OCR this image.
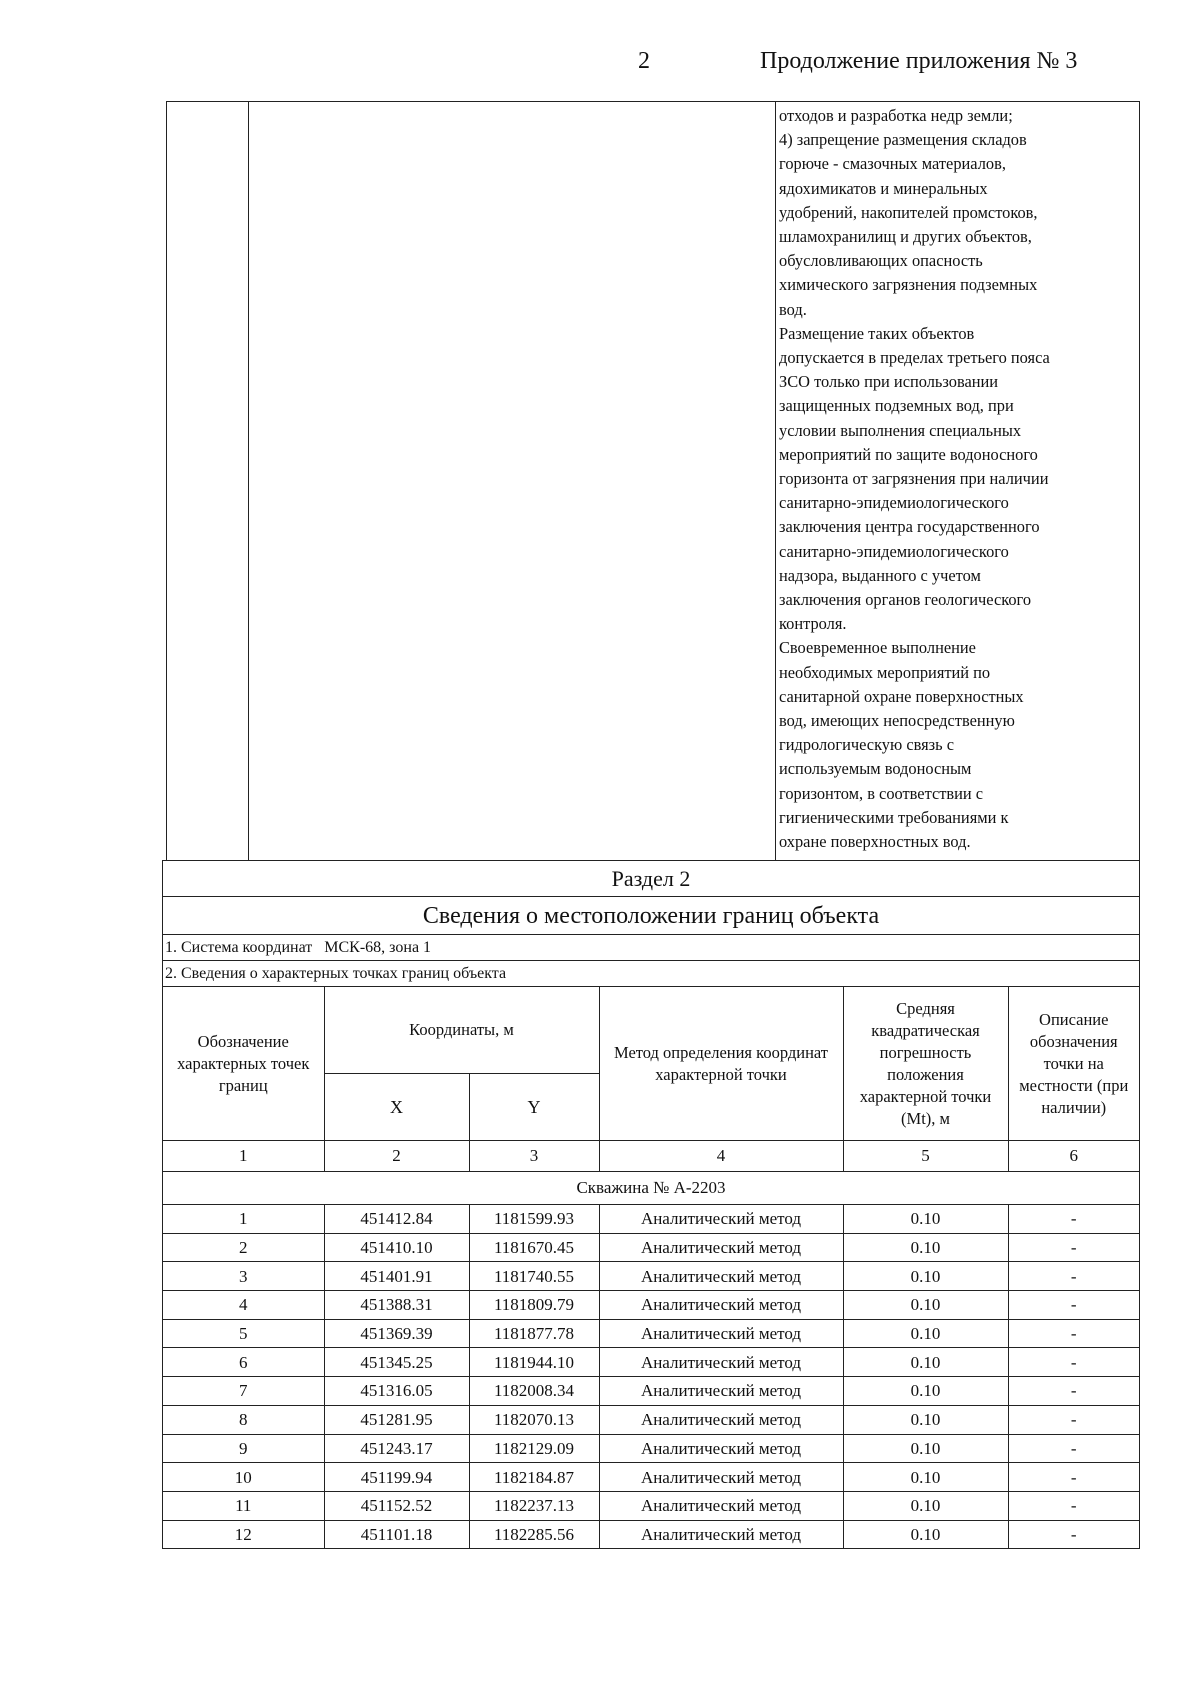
2	Продолжение приложения № 3
отходов и разработка недр земли;
4) запрещение размещения складов
горюче - смазочных материалов,
ядохимикатов и минеральных
удобрений, накопителей промстоков,
шламохранилищ и других объектов,
обусловливающих опасность
химического загрязнения подземных
вод.
Размещение таких объектов
допускается в пределах третьего пояса
ЗСО только при использовании
защищенных подземных вод, при
условии выполнения специальных
мероприятий по защите водоносного
горизонта от загрязнения при наличии
санитарно-эпидемиологического
заключения центра государственного
санитарно-эпидемиологического
надзора, выданного с учетом
заключения органов геологического
контроля.
Своевременное выполнение
необходимых мероприятий по
санитарной охране поверхностных
вод, имеющих непосредственную
гидрологическую связь с
используемым водоносным
горизонтом, в соответствии с
гигиеническими требованиями к
охране поверхностных вод.
Раздел 2
Сведения о местоположении границ объекта
1. Система координат МСК-68, зона 1
2. Сведения о характерных точках границ объекта
Обозначение характерных точек границ	Координаты, м		Метод определения координат характерной точки	Средняя квадратическая погрешность положения характерной точки (Mt), м	Описание обозначения точки на местности (при наличии)
	X	Y			
1	2	3	4	5	6
Скважина № А-2203					
1	451412.84	1181599.93	Аналитический метод	0.10	-
2	451410.10	1181670.45	Аналитический метод	0.10	-
3	451401.91	1181740.55	Аналитический метод	0.10	-
4	451388.31	1181809.79	Аналитический метод	0.10	-
5	451369.39	1181877.78	Аналитический метод	0.10	-
6	451345.25	1181944.10	Аналитический метод	0.10	-
7	451316.05	1182008.34	Аналитический метод	0.10	-
8	451281.95	1182070.13	Аналитический метод	0.10	-
9	451243.17	1182129.09	Аналитический метод	0.10	-
10	451199.94	1182184.87	Аналитический метод	0.10	-
11	451152.52	1182237.13	Аналитический метод	0.10	-
12	451101.18	1182285.56	Аналитический метод	0.10	-
